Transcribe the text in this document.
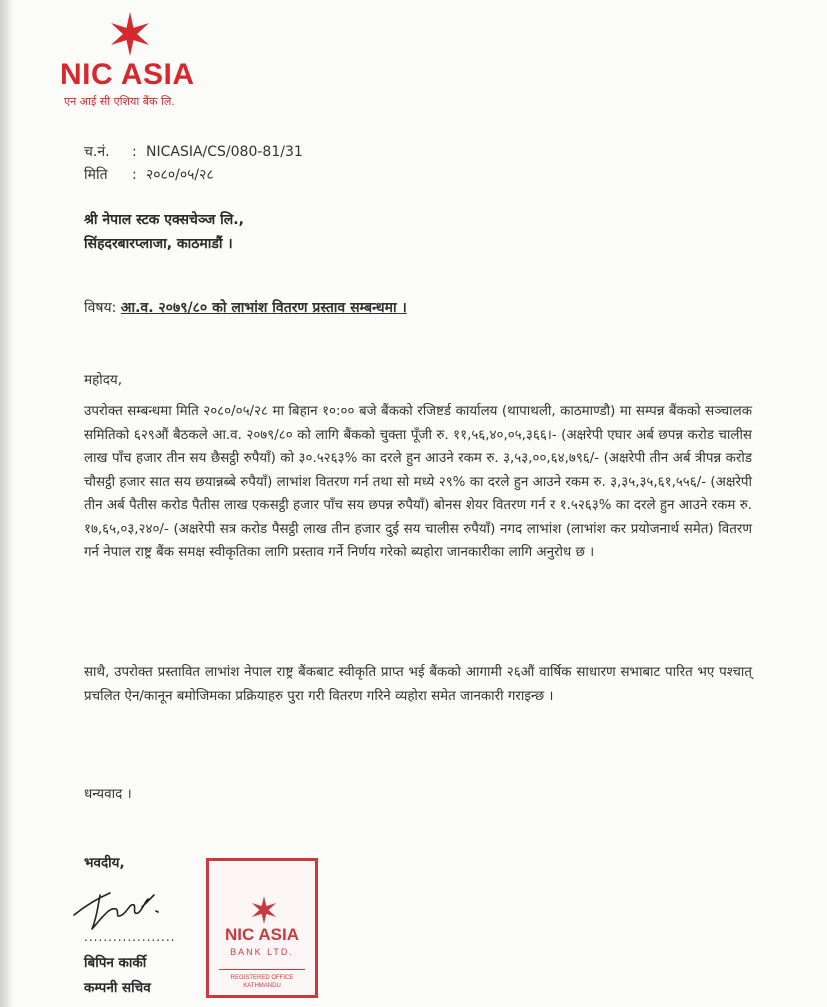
NIC ASIA
एन आई सी एशिया बैंक लि.
च.नं. : NICASIA/CS/080-81/31
मिति : २०८०/०५/२८
श्री नेपाल स्टक एक्सचेञ्ज लि.,
सिंहदरबारप्लाजा, काठमाडौं ।
विषय: आ.व. २०७९/८० को लाभांश वितरण प्रस्ताव सम्बन्धमा ।
महोदय,
उपरोक्त सम्बन्धमा मिति २०८०/०५/२८ मा बिहान १०:०० बजे बैंकको रजिष्टर्ड कार्यालय (थापाथली, काठमाण्डौ) मा सम्पन्न बैंकको सञ्चालक समितिको ६२९औं बैठकले आ.व. २०७९/८० को लागि बैंकको चुक्ता पूँजी रु. ११,५६,४०,०५,३६६।- (अक्षरेपी एघार अर्ब छपन्न करोड चालीस लाख पाँच हजार तीन सय छैसट्ठी रुपैयाँ) को ३०.५२६३% का दरले हुन आउने रकम रु. ३,५३,००,६४,७९६/- (अक्षरेपी तीन अर्ब त्रीपन्न करोड चौसट्ठी हजार सात सय छयान्नब्बे रुपैयाँ) लाभांश वितरण गर्न तथा सो मध्ये २९% का दरले हुन आउने रकम रु. ३,३५,३५,६१,५५६/- (अक्षरेपी तीन अर्ब पैतीस करोड पैतीस लाख एकसट्ठी हजार पाँच सय छपन्न रुपैयाँ) बोनस शेयर वितरण गर्न र १.५२६३% का दरले हुन आउने रकम रु. १७,६५,०३,२४०/- (अक्षरेपी सत्र करोड पैसट्ठी लाख तीन हजार दुई सय चालीस रुपैयाँ) नगद लाभांश (लाभांश कर प्रयोजनार्थ समेत) वितरण गर्न नेपाल राष्ट्र बैंक समक्ष स्वीकृतिका लागि प्रस्ताव गर्ने निर्णय गरेको ब्यहोरा जानकारीका लागि अनुरोध छ ।
साथै, उपरोक्त प्रस्तावित लाभांश नेपाल राष्ट्र बैंकबाट स्वीकृति प्राप्त भई बैंकको आगामी २६औं वार्षिक साधारण सभाबाट पारित भए पश्चात् प्रचलित ऐन/कानून बमोजिमका प्रक्रियाहरु पुरा गरी वितरण गरिने व्यहोरा समेत जानकारी गराइन्छ ।
धन्यवाद ।
भवदीय,
...................
बिपिन कार्की
कम्पनी सचिव
NIC ASIA
BANK LTD.
REGISTERED OFFICE
KATHMANDU
